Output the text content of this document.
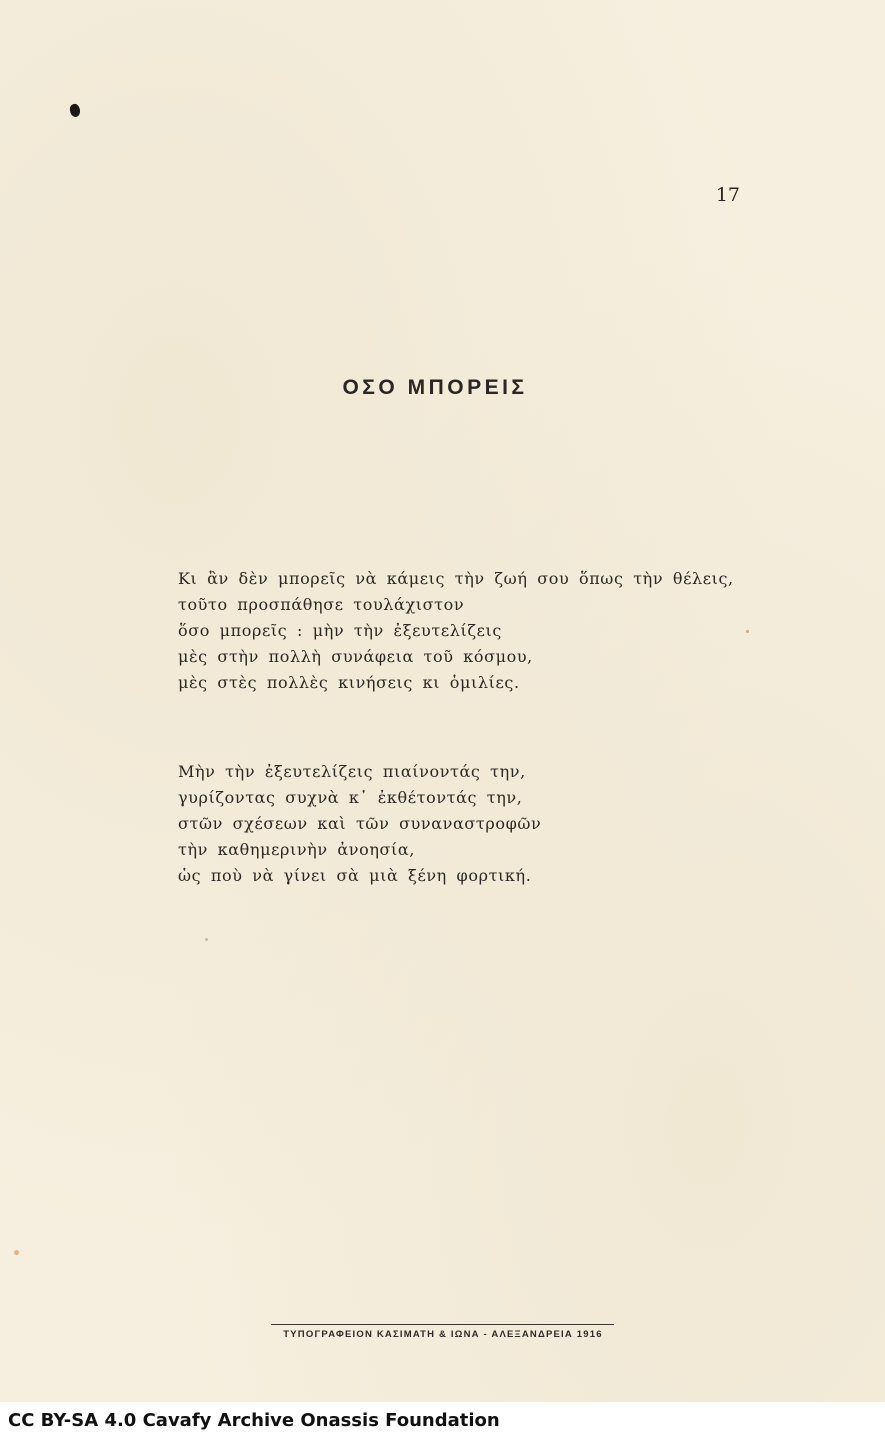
17
ΟΣΟ ΜΠΟΡΕΙΣ
Κι ἂν δὲν μπορεῖς νὰ κάμεις τὴν ζωή σου ὅπως τὴν θέλεις,
τοῦτο προσπάθησε τουλάχιστον
ὅσο μπορεῖς : μὴν τὴν ἐξευτελίζεις
μὲς στὴν πολλὴ συνάφεια τοῦ κόσμου,
μὲς στὲς πολλὲς κινήσεις κι ὁμιλίες.
Μὴν τὴν ἐξευτελίζεις πιαίνοντάς την,
γυρίζοντας συχνὰ κ᾽ ἐκθέτοντάς την,
στῶν σχέσεων καὶ τῶν συναναστροφῶν
τὴν καθημερινὴν ἀνοησία,
ὡς ποὺ νὰ γίνει σὰ μιὰ ξένη φορτική.
ΤΥΠΟΓΡΑΦΕΙΟΝ ΚΑΣΙΜΑΤΗ & ΙΩΝΑ - ΑΛΕΞΑΝΔΡΕΙΑ 1916
CC BY-SA 4.0 Cavafy Archive Onassis Foundation
